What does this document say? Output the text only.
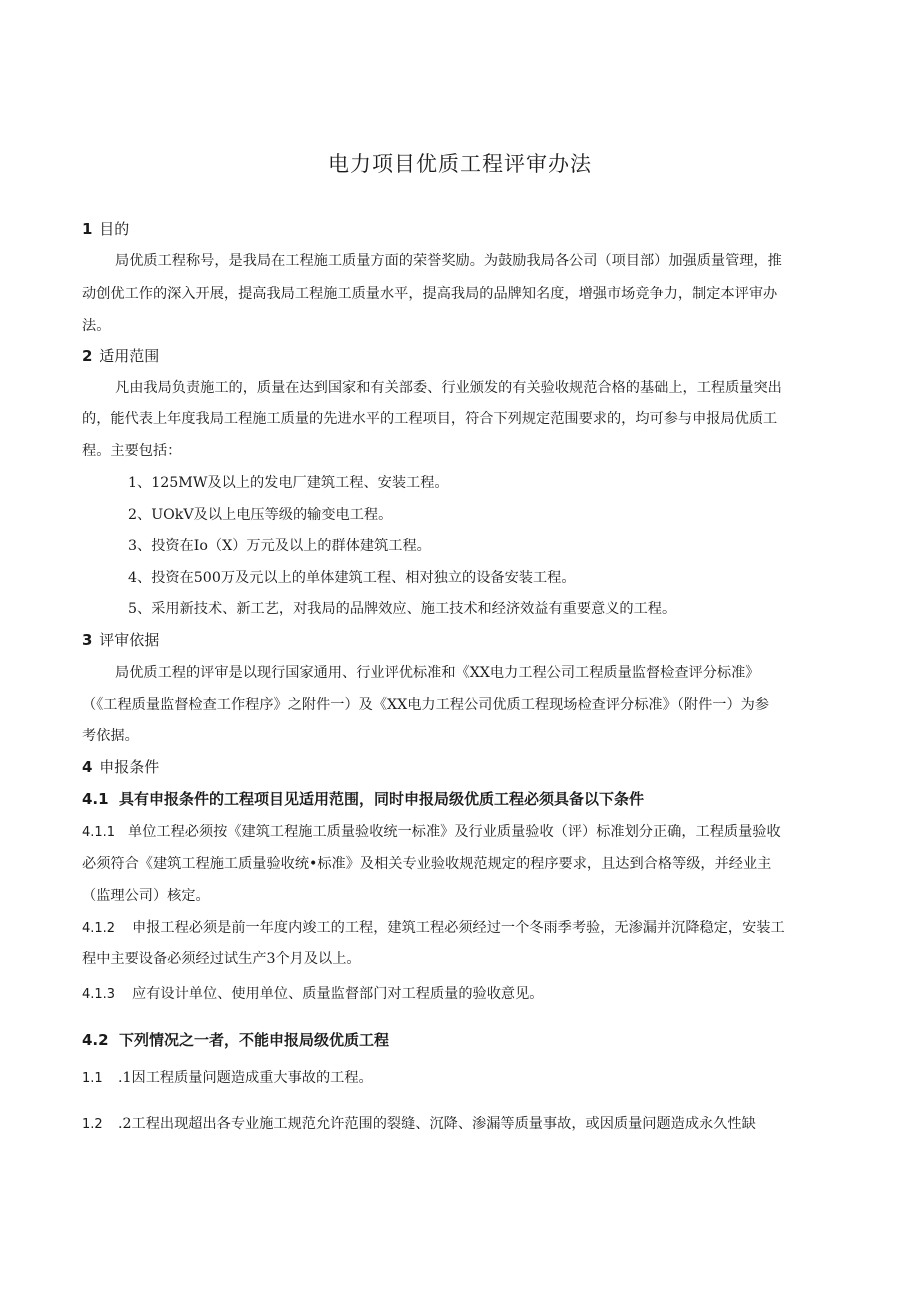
电力项目优质工程评审办法
1 目的
局优质工程称号，是我局在工程施工质量方面的荣誉奖励。为鼓励我局各公司（项目部）加强质量管理，推
动创优工作的深入开展，提高我局工程施工质量水平，提高我局的品牌知名度，增强市场竞争力，制定本评审办
法。
2 适用范围
凡由我局负责施工的，质量在达到国家和有关部委、行业颁发的有关验收规范合格的基础上，工程质量突出
的，能代表上年度我局工程施工质量的先进水平的工程项目，符合下列规定范围要求的，均可参与申报局优质工
程。主要包括：
1、125MW及以上的发电厂建筑工程、安装工程。
2、UOkV及以上电压等级的输变电工程。
3、投资在Io（X）万元及以上的群体建筑工程。
4、投资在500万及元以上的单体建筑工程、相对独立的设备安装工程。
5、采用新技术、新工艺，对我局的品牌效应、施工技术和经济效益有重要意义的工程。
3 评审依据
局优质工程的评审是以现行国家通用、行业评优标准和《XX电力工程公司工程质量监督检查评分标准》
（《工程质量监督检查工作程序》之附件一）及《XX电力工程公司优质工程现场检查评分标准》（附件一）为参
考依据。
4 申报条件
4.1 具有申报条件的工程项目见适用范围，同时申报局级优质工程必须具备以下条件
4.1.1 单位工程必须按《建筑工程施工质量验收统一标准》及行业质量验收（评）标准划分正确，工程质量验收
必须符合《建筑工程施工质量验收统•标准》及相关专业验收规范规定的程序要求，且达到合格等级，并经业主
（监理公司）核定。
4.1.2 申报工程必须是前一年度内竣工的工程，建筑工程必须经过一个冬雨季考验，无渗漏并沉降稳定，安装工
程中主要设备必须经过试生产3个月及以上。
4.1.3 应有设计单位、使用单位、质量监督部门对工程质量的验收意见。
4.2 下列情况之一者，不能申报局级优质工程
1.1 .1因工程质量问题造成重大事故的工程。
1.2 .2工程出现超出各专业施工规范允许范围的裂缝、沉降、渗漏等质量事故，或因质量问题造成永久性缺
